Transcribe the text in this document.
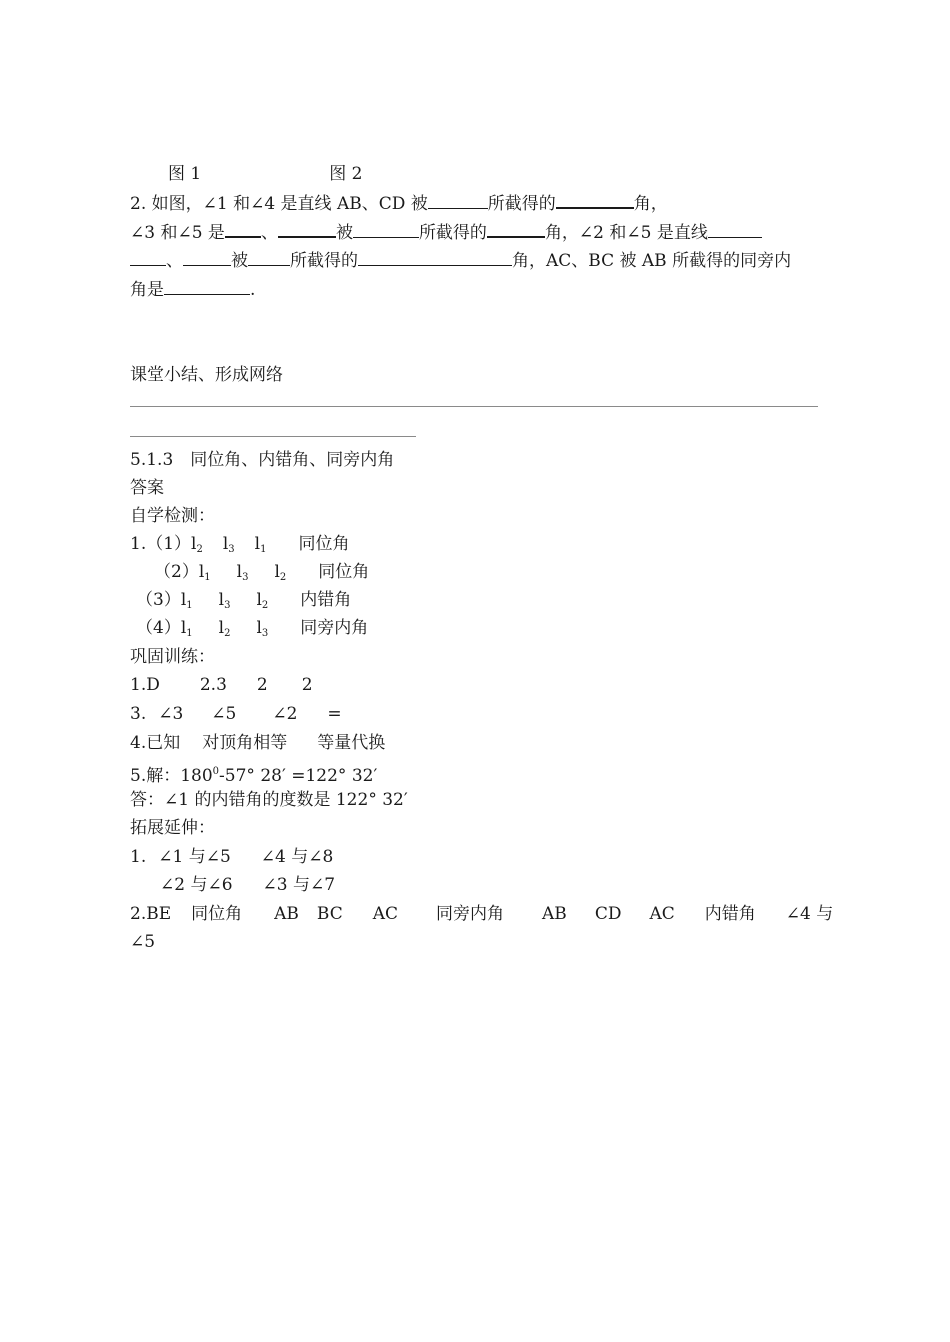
图 1	图 2
2. 如图，∠1 和∠4 是直线 AB、CD 被	所截得的	角，
∠3 和∠5 是 、	被	所截得的	角，∠2 和∠5 是直线
、	被 所截得的	角，AC、BC 被 AB 所截得的同旁内
角是	.
课堂小结、形成网络
5.1.3　同位角、内错角、同旁内角
答案
自学检测：
$1.(1)l_2$ $l_3$ $l_1$ 同位角
$(2)l_1$ $l_3$ $l_2$ 同位角
$(3)l_1$ $l_3$ $l_2$ 内错角
$(4)l_1$ $l_2$ $l_3$ 同旁内角
巩固训练：
1.D 2.3 2 2
3. ∠3 ∠5 ∠2 =
4.已知 对顶角相等 等量代换
5.解：$180^0-57^\circ$ 28′ =122° 32′
答：∠1 的内错角的度数是 122° 32′
拓展延伸：
1. ∠1 与∠5 ∠4 与∠8
∠2 与∠6 ∠3 与∠7
2.BE 同位角 AB BC AC 同旁内角 AB CD AC 内错角 ∠4 与
∠5
